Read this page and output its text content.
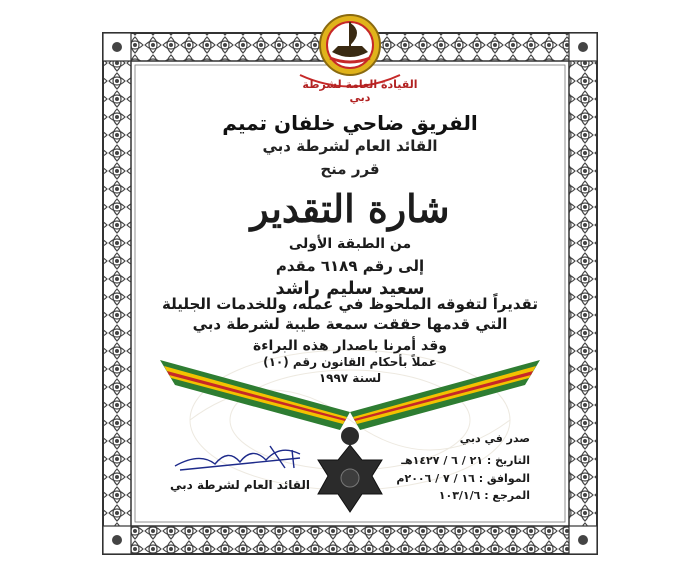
القيادة العامة لشرطة دبي
الفريق ضاحي خلفان تميم
القائد العام لشرطة دبي
قرر منح
شارة التقدير
من الطبقة الأولى
إلى رقم ٦١٨٩ مقدم
سعيد سليم راشد
تقديراً لتفوقه الملحوظ في عمله، وللخدمات الجليلة
التي قدمها حققت سمعة طيبة لشرطة دبي
وقد أمرنا باصدار هذه البراءة
عملاً بأحكام القانون رقم (١٠)
لسنة ١٩٩٧
صدر في دبي
التاريخ : ٢١ / ٦ / ١٤٢٧هـ
الموافق : ١٦ / ٧ / ٢٠٠٦م
المرجع : ١٠٣/١/٦
القائد العام لشرطة دبي
